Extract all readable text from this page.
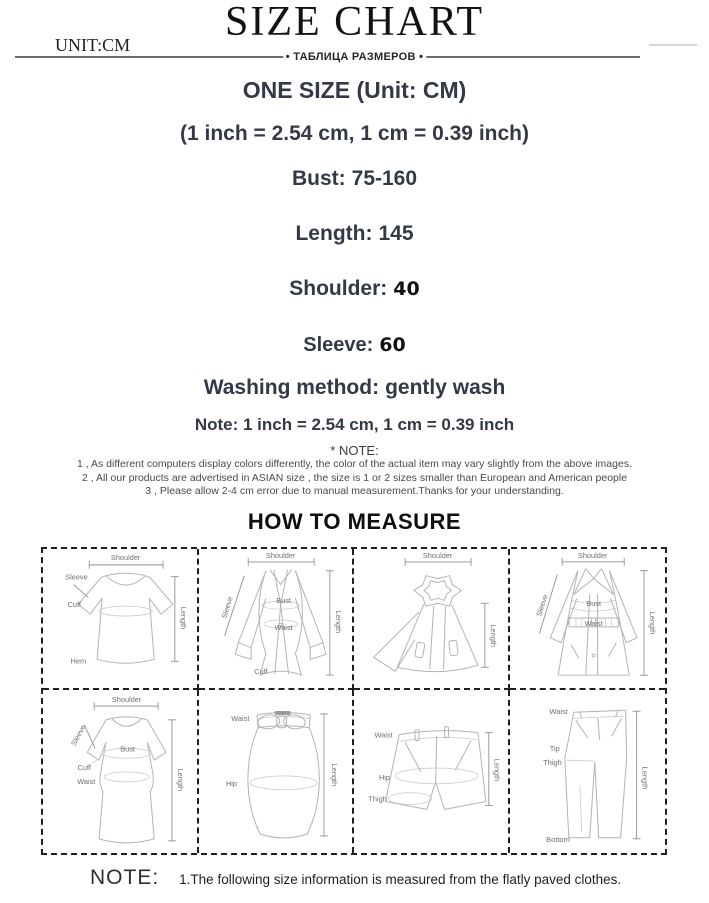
SIZE CHART
UNIT:CM
• ТАБЛИЦА РАЗМЕРОВ •
ONE SIZE (Unit: CM)
(1 inch = 2.54 cm, 1 cm = 0.39 inch)
Bust: 75-160
Length: 145
Shoulder: 40
Sleeve: 60
Washing method: gently wash
Note: 1 inch = 2.54 cm, 1 cm = 0.39 inch
* NOTE:
1 , As different computers display colors differently, the color of the actual item may vary slightly from the above images.
2 , All our products are advertised in ASIAN size , the size is 1 or 2 sizes smaller than European and American people
3 , Please allow 2-4 cm error due to manual measurement.Thanks for your understanding.
HOW TO MEASURE
Shoulder
Sleeve
Cuff
Hem
Length
Shoulder
Sleeve	Bust
Waist
Cuff
Length
Shoulder
Length
Shoulder
Sleeve	Bust
Waist	Length
Shoulder
Sleeve
Bust
Cuff
Waist	Length
Waist
Hip	Length
Waist
Hip
Thigh
Length
Waist
Tip
Thigh
Bottom
Length
NOTE: 1.The following size information is measured from the flatly paved clothes.
